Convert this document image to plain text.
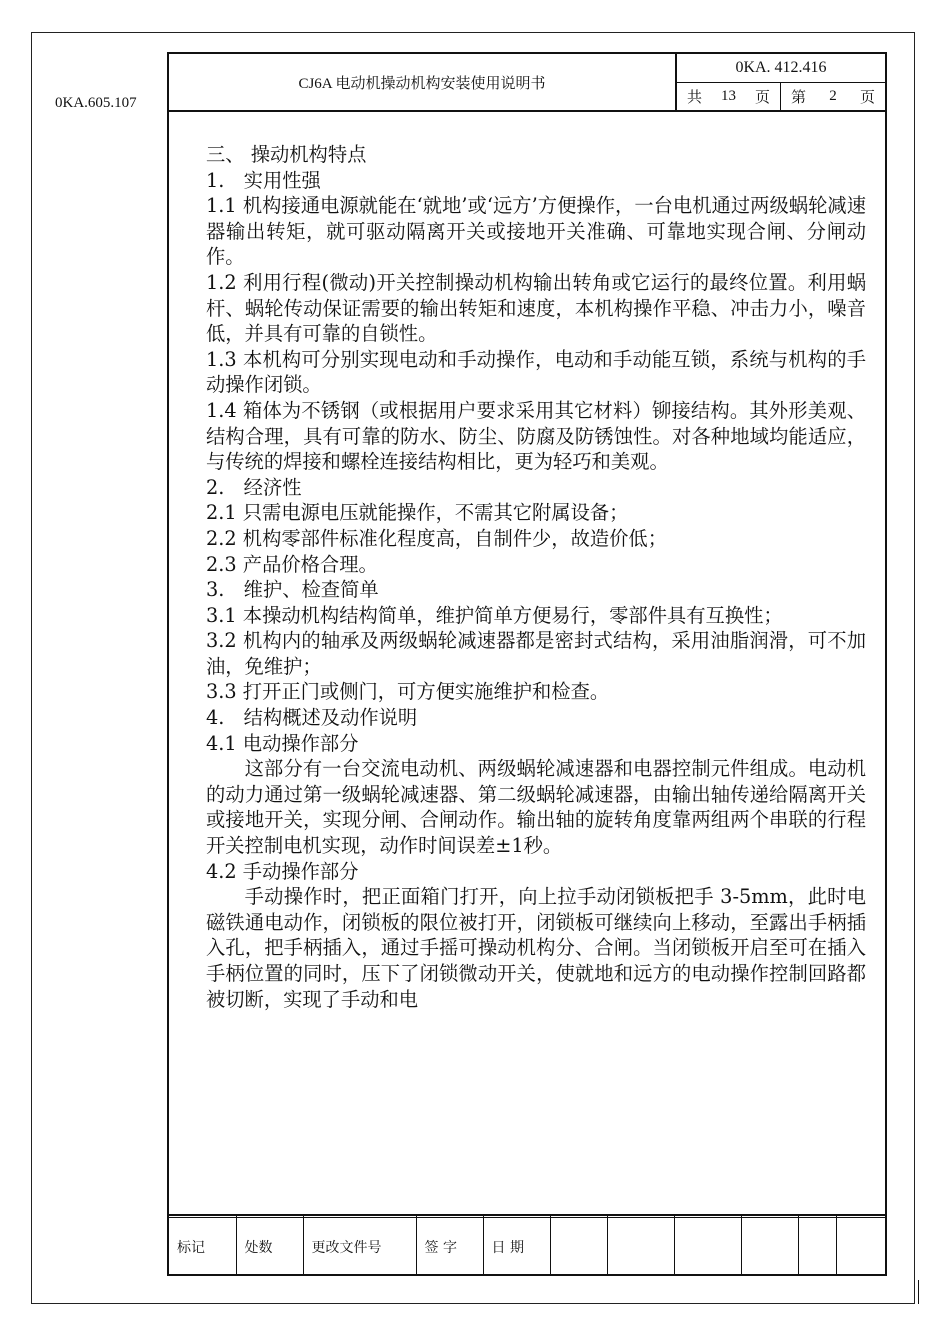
0KA.605.107
CJ6A 电动机操动机构安装使用说明书
0KA. 412.416
共 13 页 第 2 页

三、 操动机构特点

1.　实用性强

1.1 机构接通电源就能在‘就地’或‘远方’方便操作，一台电机通过两级蜗轮减速器输出转矩，就可驱动隔离开关或接地开关准确、可靠地实现合闸、分闸动作。

1.2 利用行程(微动)开关控制操动机构输出转角或它运行的最终位置。利用蜗杆、蜗轮传动保证需要的输出转矩和速度，本机构操作平稳、冲击力小，噪音低，并具有可靠的自锁性。

1.3 本机构可分别实现电动和手动操作，电动和手动能互锁，系统与机构的手动操作闭锁。

1.4 箱体为不锈钢（或根据用户要求采用其它材料）铆接结构。其外形美观、结构合理，具有可靠的防水、防尘、防腐及防锈蚀性。对各种地域均能适应，与传统的焊接和螺栓连接结构相比，更为轻巧和美观。

2.　经济性

2.1 只需电源电压就能操作，不需其它附属设备；

2.2 机构零部件标准化程度高，自制件少，故造价低；

2.3 产品价格合理。

3.　维护、检查简单

3.1 本操动机构结构简单，维护简单方便易行，零部件具有互换性；

3.2 机构内的轴承及两级蜗轮减速器都是密封式结构，采用油脂润滑，可不加油，免维护；

3.3 打开正门或侧门，可方便实施维护和检查。

4.　结构概述及动作说明

4.1 电动操作部分

这部分有一台交流电动机、两级蜗轮减速器和电器控制元件组成。电动机的动力通过第一级蜗轮减速器、第二级蜗轮减速器，由输出轴传递给隔离开关或接地开关，实现分闸、合闸动作。输出轴的旋转角度靠两组两个串联的行程开关控制电机实现，动作时间误差±1秒。

4.2 手动操作部分

手动操作时，把正面箱门打开，向上拉手动闭锁板把手 3-5mm，此时电磁铁通电动作，闭锁板的限位被打开，闭锁板可继续向上移动，至露出手柄插入孔，把手柄插入，通过手摇可操动机构分、合闸。当闭锁板开启至可在插入手柄位置的同时，压下了闭锁微动开关，使就地和远方的电动操作控制回路都被切断，实现了手动和电

标记	处数	更改文件号	签 字	日 期						
